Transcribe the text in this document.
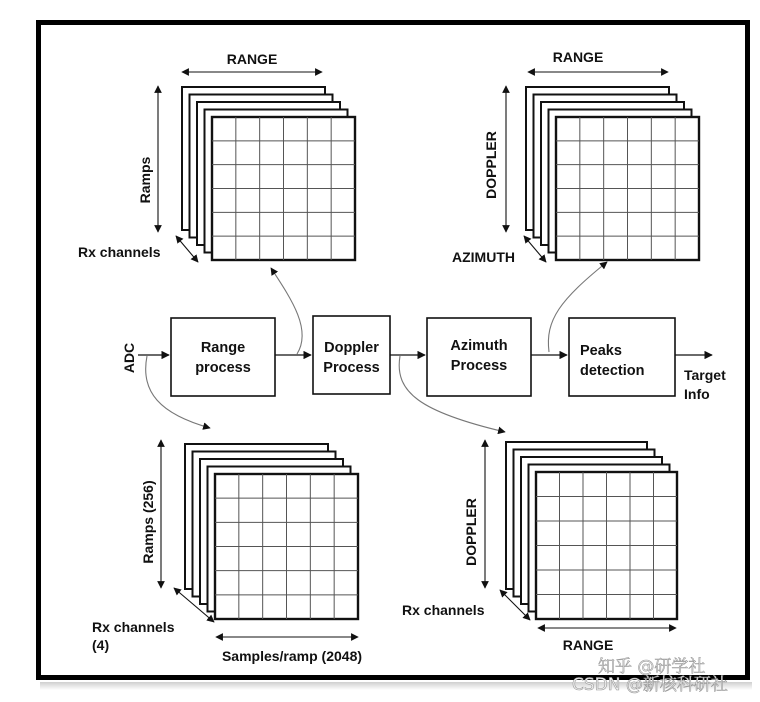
Range
process
Doppler
Process
Azimuth
Process
Peaks
detection
ADC
Target
Info
RANGE
Ramps
Rx channels
RANGE
DOPPLER
AZIMUTH
Ramps (256)
Rx channels
(4)
Samples/ramp (2048)
DOPPLER
Rx channels
RANGE
知乎 @研学社
CSDN @新核科研社
